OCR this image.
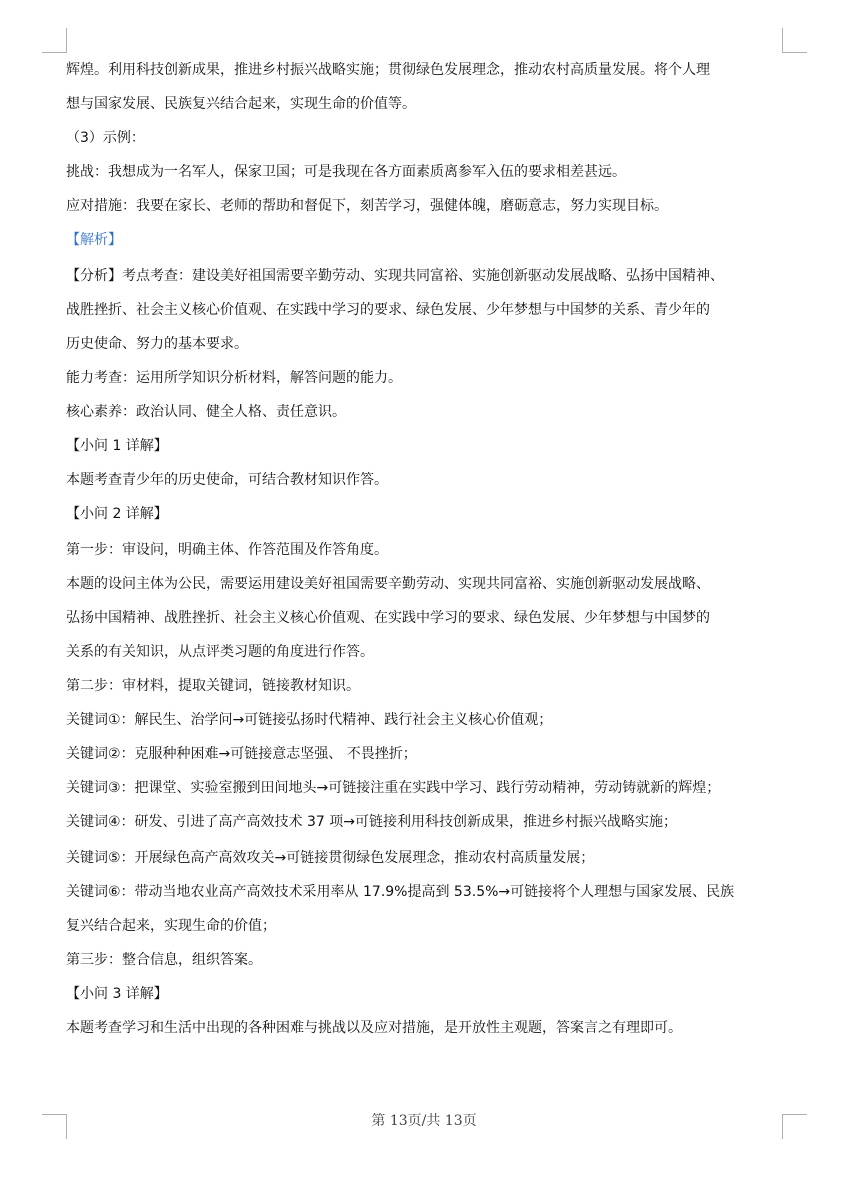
辉煌。利用科技创新成果，推进乡村振兴战略实施；贯彻绿色发展理念，推动农村高质量发展。将个人理
想与国家发展、民族复兴结合起来，实现生命的价值等。
（3）示例：
挑战：我想成为一名军人，保家卫国；可是我现在各方面素质离参军入伍的要求相差甚远。
应对措施：我要在家长、老师的帮助和督促下，刻苦学习，强健体魄，磨砺意志，努力实现目标。
【解析】
【分析】考点考查：建设美好祖国需要辛勤劳动、实现共同富裕、实施创新驱动发展战略、弘扬中国精神、
战胜挫折、社会主义核心价值观、在实践中学习的要求、绿色发展、少年梦想与中国梦的关系、青少年的
历史使命、努力的基本要求。
能力考查：运用所学知识分析材料，解答问题的能力。
核心素养：政治认同、健全人格、责任意识。
【小问 1 详解】
本题考查青少年的历史使命，可结合教材知识作答。
【小问 2 详解】
第一步：审设问，明确主体、作答范围及作答角度。
本题的设问主体为公民，需要运用建设美好祖国需要辛勤劳动、实现共同富裕、实施创新驱动发展战略、
弘扬中国精神、战胜挫折、社会主义核心价值观、在实践中学习的要求、绿色发展、少年梦想与中国梦的
关系的有关知识，从点评类习题的角度进行作答。
第二步：审材料，提取关键词，链接教材知识。
关键词①：解民生、治学问→可链接弘扬时代精神、践行社会主义核心价值观；
关键词②：克服种种困难→可链接意志坚强、 不畏挫折；
关键词③：把课堂、实验室搬到田间地头→可链接注重在实践中学习、践行劳动精神，劳动铸就新的辉煌；
关键词④：研发、引进了高产高效技术 37 项→可链接利用科技创新成果，推进乡村振兴战略实施；
关键词⑤：开展绿色高产高效攻关→可链接贯彻绿色发展理念，推动农村高质量发展；
关键词⑥：带动当地农业高产高效技术采用率从 17.9%提高到 53.5%→可链接将个人理想与国家发展、民族
复兴结合起来，实现生命的价值；
第三步：整合信息，组织答案。
【小问 3 详解】
本题考查学习和生活中出现的各种困难与挑战以及应对措施，是开放性主观题，答案言之有理即可。
第 13页/共 13页
